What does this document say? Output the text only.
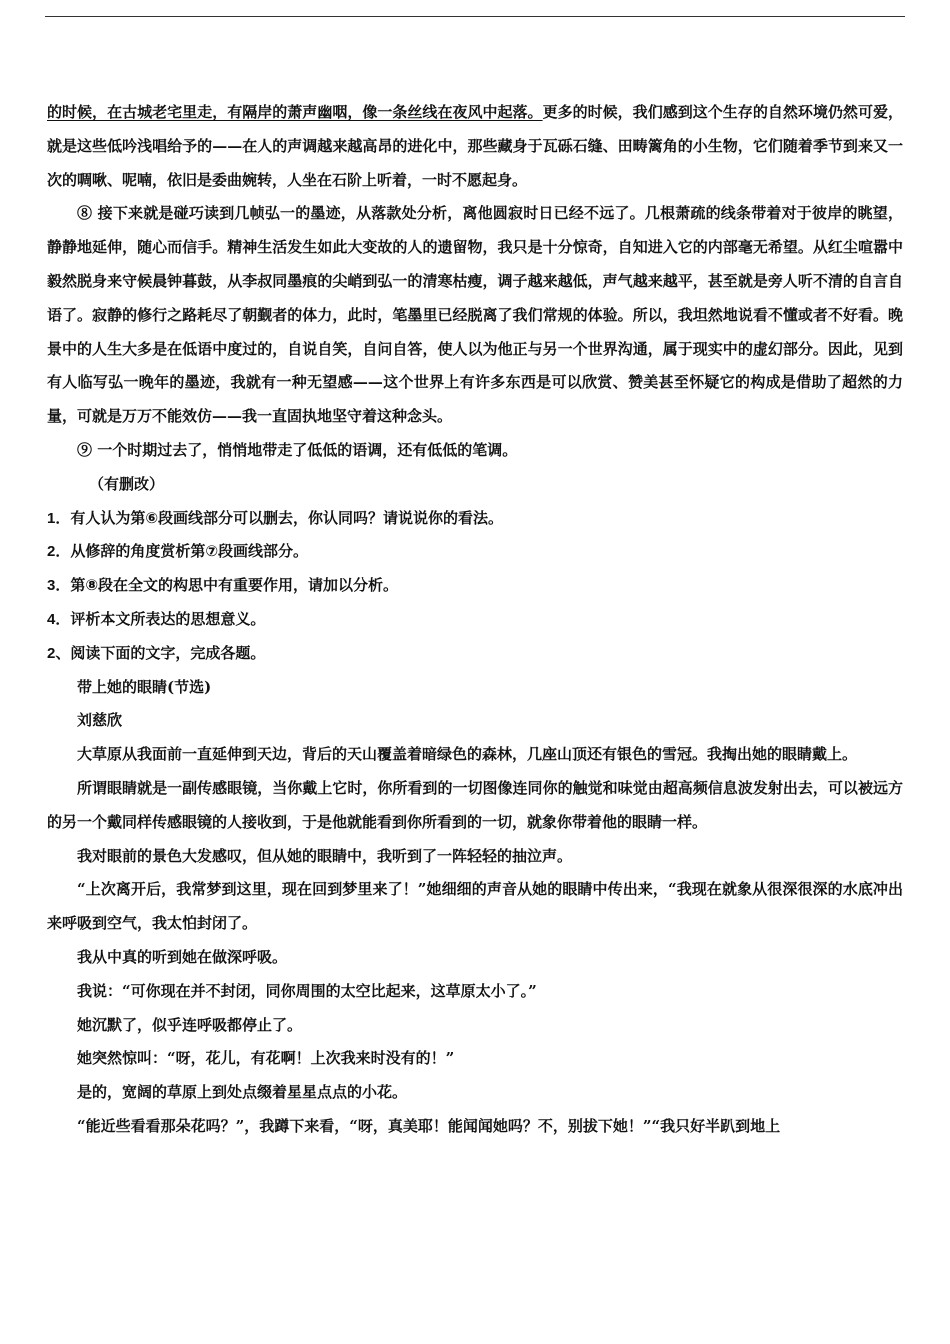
的时候，在古城老宅里走，有隔岸的萧声幽咽，像一条丝线在夜风中起落。更多的时候，我们感到这个生存的自然环境仍然可爱，就是这些低吟浅唱给予的——在人的声调越来越高昂的进化中，那些藏身于瓦砾石缝、田畴篱角的小生物，它们随着季节到来又一次的啁啾、呢喃，依旧是委曲婉转，人坐在石阶上听着，一时不愿起身。

⑧ 接下来就是碰巧读到几帧弘一的墨迹，从落款处分析，离他圆寂时日已经不远了。几根萧疏的线条带着对于彼岸的眺望，静静地延伸，随心而信手。精神生活发生如此大变故的人的遗留物，我只是十分惊奇，自知进入它的内部毫无希望。从红尘喧嚣中毅然脱身来守候晨钟暮鼓，从李叔同墨痕的尖峭到弘一的清寒枯瘦，调子越来越低，声气越来越平，甚至就是旁人听不清的自言自语了。寂静的修行之路耗尽了朝觐者的体力，此时，笔墨里已经脱离了我们常规的体验。所以，我坦然地说看不懂或者不好看。晚景中的人生大多是在低语中度过的，自说自笑，自问自答，使人以为他正与另一个世界沟通，属于现实中的虚幻部分。因此，见到有人临写弘一晚年的墨迹，我就有一种无望感——这个世界上有许多东西是可以欣赏、赞美甚至怀疑它的构成是借助了超然的力量，可就是万万不能效仿——我一直固执地坚守着这种念头。

⑨ 一个时期过去了，悄悄地带走了低低的语调，还有低低的笔调。

（有删改）

1．有人认为第⑥段画线部分可以删去，你认同吗？请说说你的看法。

2．从修辞的角度赏析第⑦段画线部分。

3．第⑧段在全文的构思中有重要作用，请加以分析。

4．评析本文所表达的思想意义。

2、阅读下面的文字，完成各题。

带上她的眼睛(节选)

刘慈欣

大草原从我面前一直延伸到天边，背后的天山覆盖着暗绿色的森林，几座山顶还有银色的雪冠。我掏出她的眼睛戴上。

所谓眼睛就是一副传感眼镜，当你戴上它时，你所看到的一切图像连同你的触觉和味觉由超高频信息波发射出去，可以被远方的另一个戴同样传感眼镜的人接收到，于是他就能看到你所看到的一切，就象你带着他的眼睛一样。

我对眼前的景色大发感叹，但从她的眼睛中，我听到了一阵轻轻的抽泣声。

“上次离开后，我常梦到这里，现在回到梦里来了！”她细细的声音从她的眼睛中传出来，“我现在就象从很深很深的水底冲出来呼吸到空气，我太怕封闭了。

我从中真的听到她在做深呼吸。

我说：“可你现在并不封闭，同你周围的太空比起来，这草原太小了。”

她沉默了，似乎连呼吸都停止了。

她突然惊叫：“呀，花儿，有花啊！上次我来时没有的！”

是的，宽阔的草原上到处点缀着星星点点的小花。

“能近些看看那朵花吗？”，我蹲下来看，“呀，真美耶！能闻闻她吗？不，别拔下她！”“我只好半趴到地上
